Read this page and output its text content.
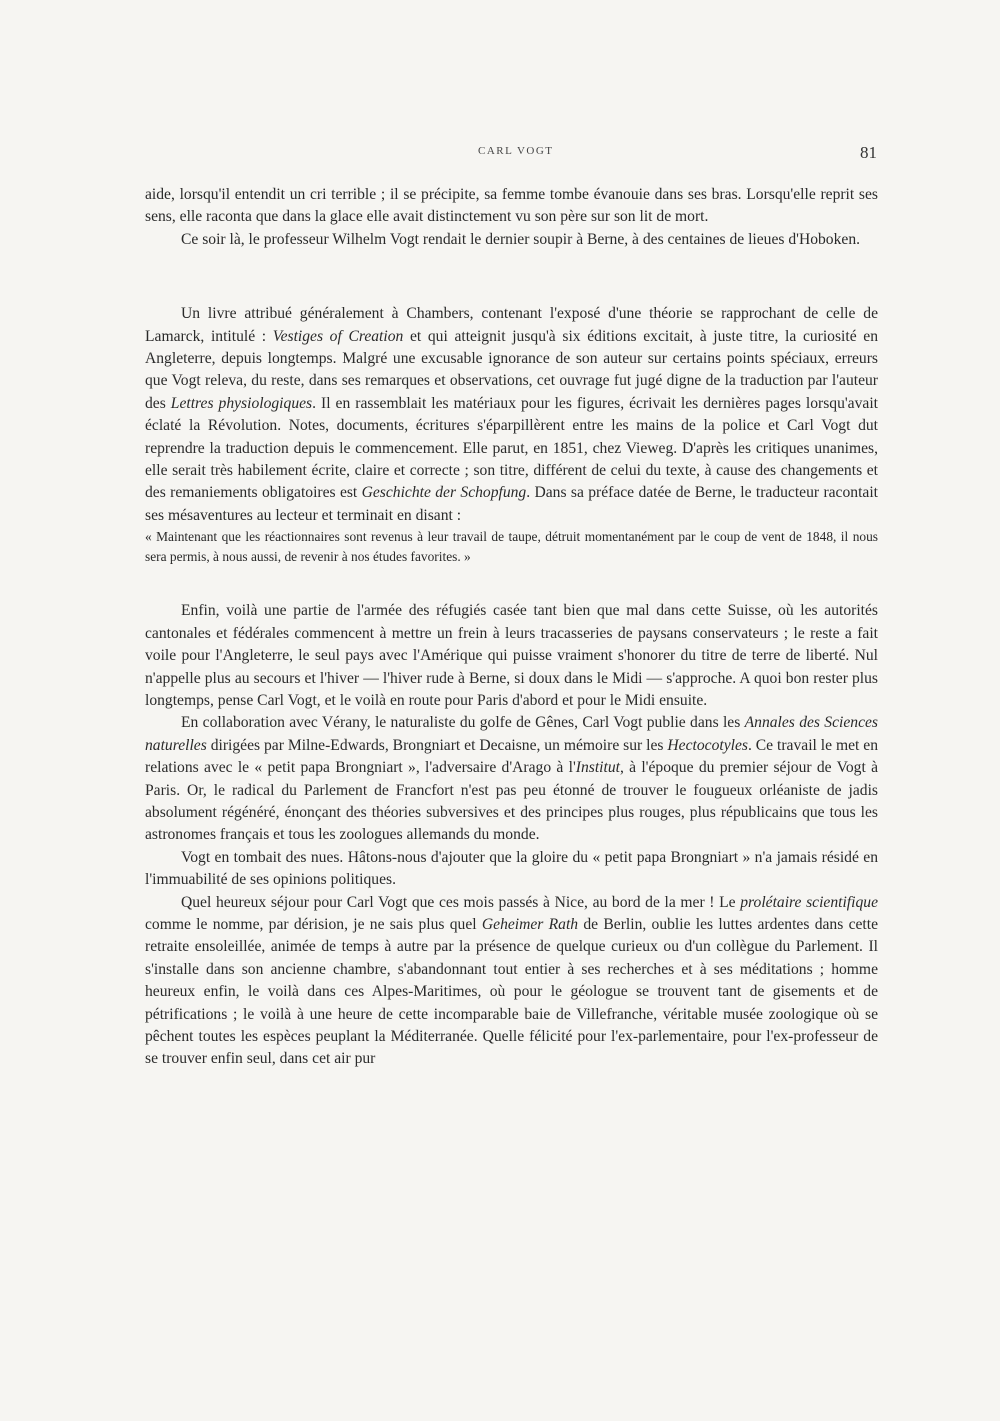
CARL VOGT	81

aide, lorsqu'il entendit un cri terrible ; il se précipite, sa femme tombe évanouie dans ses bras. Lorsqu'elle reprit ses sens, elle raconta que dans la glace elle avait distinctement vu son père sur son lit de mort.

Ce soir là, le professeur Wilhelm Vogt rendait le dernier soupir à Berne, à des centaines de lieues d'Hoboken.

Un livre attribué généralement à Chambers, contenant l'exposé d'une théorie se rapprochant de celle de Lamarck, intitulé : Vestiges of Creation et qui atteignit jusqu'à six éditions excitait, à juste titre, la curiosité en Angleterre, depuis longtemps. Malgré une excusable ignorance de son auteur sur certains points spéciaux, erreurs que Vogt releva, du reste, dans ses remarques et observations, cet ouvrage fut jugé digne de la traduction par l'auteur des Lettres physiologiques. Il en rassemblait les matériaux pour les figures, écrivait les dernières pages lorsqu'avait éclaté la Révolution. Notes, documents, écritures s'éparpillèrent entre les mains de la police et Carl Vogt dut reprendre la traduction depuis le commencement. Elle parut, en 1851, chez Vieweg. D'après les critiques unanimes, elle serait très habilement écrite, claire et correcte ; son titre, différent de celui du texte, à cause des changements et des remaniements obligatoires est Geschichte der Schopfung. Dans sa préface datée de Berne, le traducteur racontait ses mésaventures au lecteur et terminait en disant :

« Maintenant que les réactionnaires sont revenus à leur travail de taupe, détruit momentanément par le coup de vent de 1848, il nous sera permis, à nous aussi, de revenir à nos études favorites. »

Enfin, voilà une partie de l'armée des réfugiés casée tant bien que mal dans cette Suisse, où les autorités cantonales et fédérales commencent à mettre un frein à leurs tracasseries de paysans conservateurs ; le reste a fait voile pour l'Angleterre, le seul pays avec l'Amérique qui puisse vraiment s'honorer du titre de terre de liberté. Nul n'appelle plus au secours et l'hiver — l'hiver rude à Berne, si doux dans le Midi — s'approche. A quoi bon rester plus longtemps, pense Carl Vogt, et le voilà en route pour Paris d'abord et pour le Midi ensuite.

En collaboration avec Vérany, le naturaliste du golfe de Gênes, Carl Vogt publie dans les Annales des Sciences naturelles dirigées par Milne-Edwards, Brongniart et Decaisne, un mémoire sur les Hectocotyles. Ce travail le met en relations avec le « petit papa Brongniart », l'adversaire d'Arago à l'Institut, à l'époque du premier séjour de Vogt à Paris. Or, le radical du Parlement de Francfort n'est pas peu étonné de trouver le fougueux orléaniste de jadis absolument régénéré, énonçant des théories subversives et des principes plus rouges, plus républicains que tous les astronomes français et tous les zoologues allemands du monde.

Vogt en tombait des nues. Hâtons-nous d'ajouter que la gloire du « petit papa Brongniart » n'a jamais résidé en l'immuabilité de ses opinions politiques.

Quel heureux séjour pour Carl Vogt que ces mois passés à Nice, au bord de la mer ! Le prolétaire scientifique comme le nomme, par dérision, je ne sais plus quel Geheimer Rath de Berlin, oublie les luttes ardentes dans cette retraite ensoleillée, animée de temps à autre par la présence de quelque curieux ou d'un collègue du Parlement. Il s'installe dans son ancienne chambre, s'abandonnant tout entier à ses recherches et à ses méditations ; homme heureux enfin, le voilà dans ces Alpes-Maritimes, où pour le géologue se trouvent tant de gisements et de pétrifications ; le voilà à une heure de cette incomparable baie de Villefranche, véritable musée zoologique où se pêchent toutes les espèces peuplant la Méditerranée. Quelle félicité pour l'ex-parlementaire, pour l'ex-professeur de se trouver enfin seul, dans cet air pur
